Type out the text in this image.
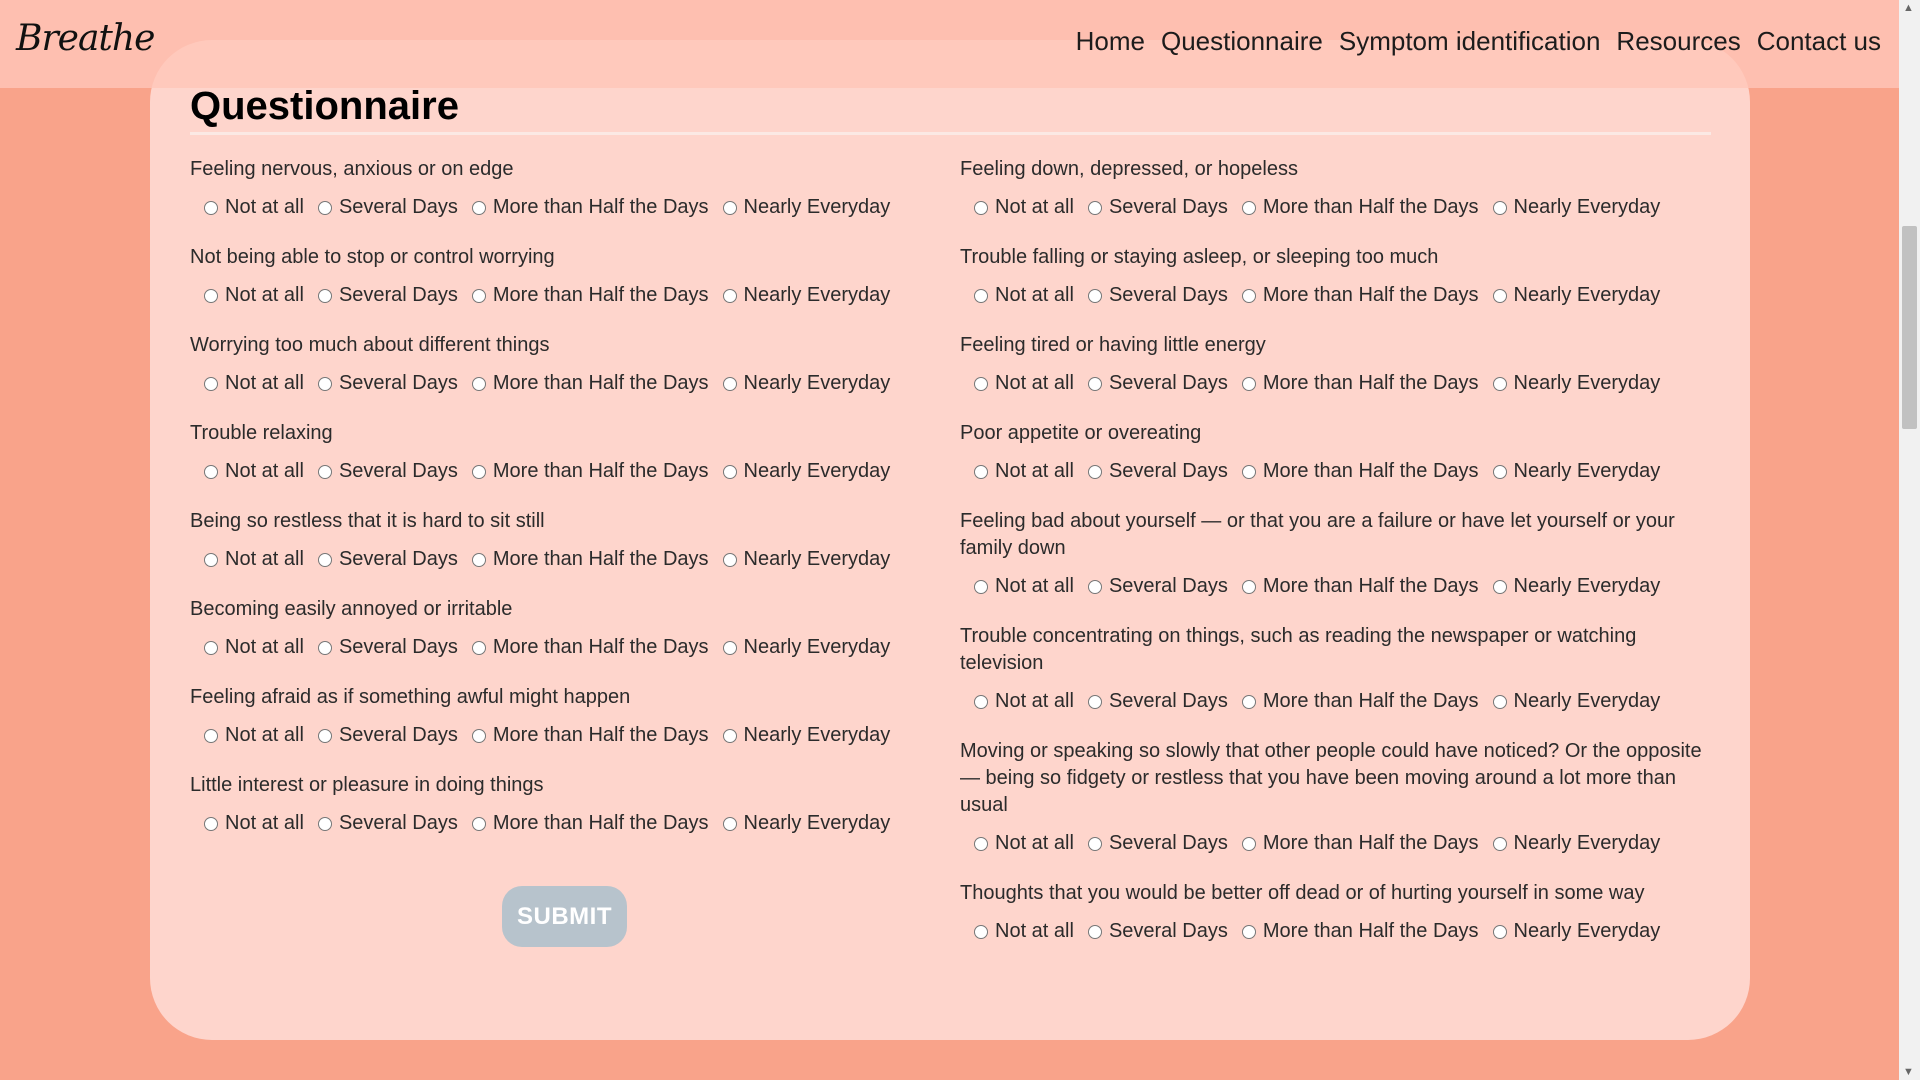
Breathe	Home Questionnaire Symptom identification Resources Contact us
Questionnaire

Feeling nervous, anxious or on edge

Not at all Several Days More than Half the Days Nearly Everyday

Not being able to stop or control worrying

Not at all Several Days More than Half the Days Nearly Everyday

Worrying too much about different things

Not at all Several Days More than Half the Days Nearly Everyday

Trouble relaxing

Not at all Several Days More than Half the Days Nearly Everyday

Being so restless that it is hard to sit still

Not at all Several Days More than Half the Days Nearly Everyday

Becoming easily annoyed or irritable

Not at all Several Days More than Half the Days Nearly Everyday

Feeling afraid as if something awful might happen

Not at all Several Days More than Half the Days Nearly Everyday

Little interest or pleasure in doing things

Not at all Several Days More than Half the Days Nearly Everyday
SUBMIT

Feeling down, depressed, or hopeless

Not at all Several Days More than Half the Days Nearly Everyday

Trouble falling or staying asleep, or sleeping too much

Not at all Several Days More than Half the Days Nearly Everyday

Feeling tired or having little energy

Not at all Several Days More than Half the Days Nearly Everyday

Poor appetite or overeating

Not at all Several Days More than Half the Days Nearly Everyday

Feeling bad about yourself — or that you are a failure or have let yourself or your family down

Not at all Several Days More than Half the Days Nearly Everyday

Trouble concentrating on things, such as reading the newspaper or watching television

Not at all Several Days More than Half the Days Nearly Everyday

Moving or speaking so slowly that other people could have noticed? Or the opposite — being so fidgety or restless that you have been moving around a lot more than usual

Not at all Several Days More than Half the Days Nearly Everyday

Thoughts that you would be better off dead or of hurting yourself in some way

Not at all Several Days More than Half the Days Nearly Everyday
▲
▼
